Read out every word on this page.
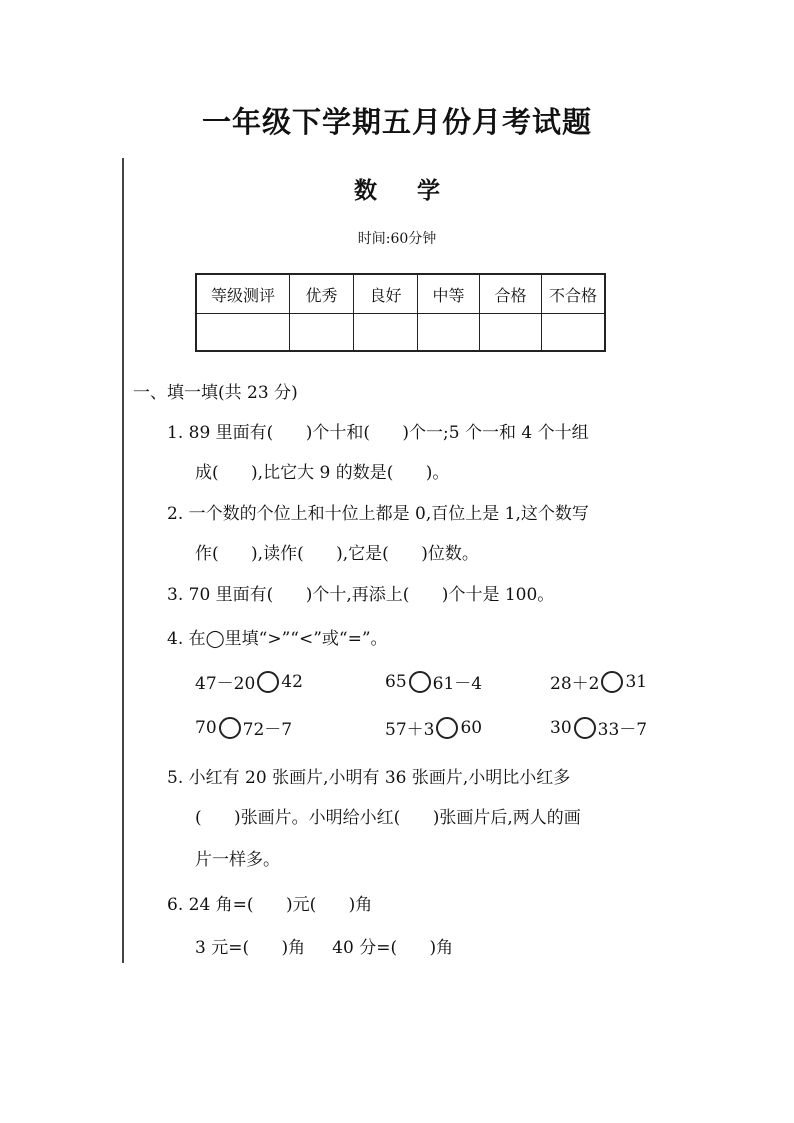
一年级下学期五月份月考试题
数学
时间:60分钟
等级测评	优秀	良好	中等	合格	不合格

一、填一填(共 23 分)
1. 89 里面有(      )个十和(      )个一;5 个一和 4 个十组
成(      ),比它大 9 的数是(      )。
2. 一个数的个位上和十位上都是 0,百位上是 1,这个数写
作(      ),读作(      ),它是(      )位数。
3. 70 里面有(      )个十,再添上(      )个十是 100。
4. 在◯里填“>”“<”或“=”。
47－20 42	65 61－4	28＋2 31
70 72－7	57＋3 60	30 33－7
5. 小红有 20 张画片,小明有 36 张画片,小明比小红多
(      )张画片。小明给小红(      )张画片后,两人的画
片一样多。
6. 24 角=(      )元(      )角
3 元=(      )角     40 分=(      )角
